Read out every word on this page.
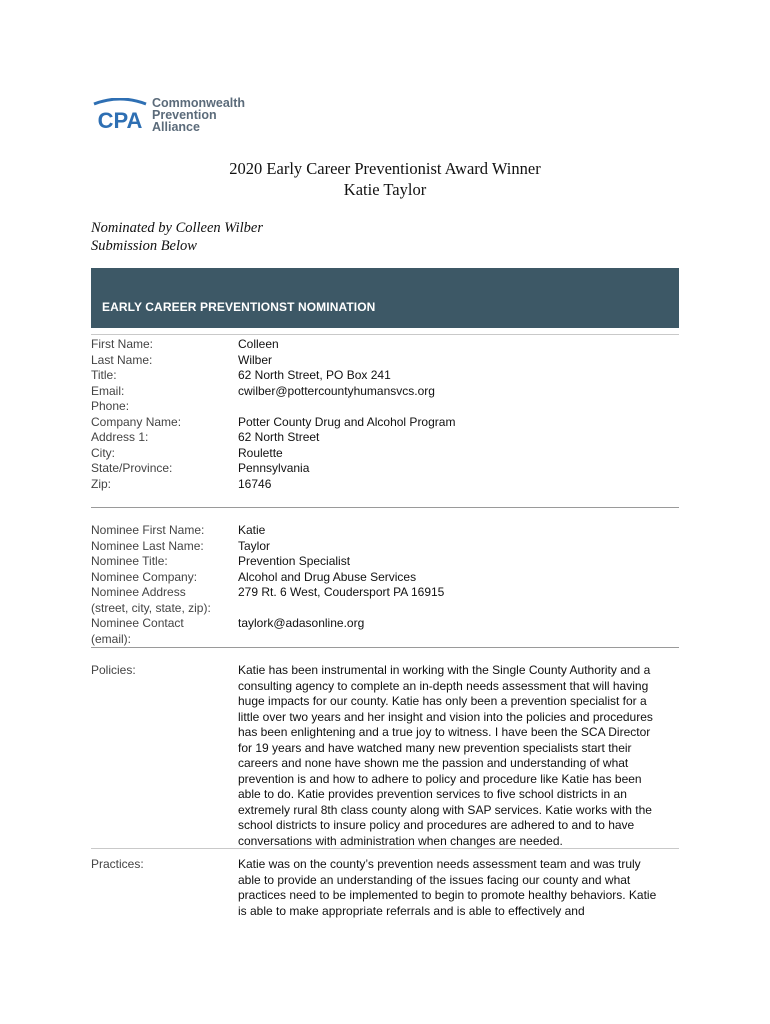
CPA
Commonwealth
Prevention
Alliance
2020 Early Career Preventionist Award Winner
Katie Taylor
Nominated by Colleen Wilber
Submission Below
EARLY CAREER PREVENTIONST NOMINATION
First Name:	Colleen
Last Name:	Wilber
Title:	62 North Street, PO Box 241
Email:	cwilber@pottercountyhumansvcs.org
Phone:
Company Name:	Potter County Drug and Alcohol Program
Address 1:	62 North Street
City:	Roulette
State/Province:	Pennsylvania
Zip:	16746
Nominee First Name:	Katie
Nominee Last Name:	Taylor
Nominee Title:	Prevention Specialist
Nominee Company:	Alcohol and Drug Abuse Services
Nominee Address	279 Rt. 6 West, Coudersport PA 16915
(street, city, state, zip):
Nominee Contact	taylork@adasonline.org
(email):
Policies:	Katie has been instrumental in working with the Single County Authority and a
consulting agency to complete an in-depth needs assessment that will having
huge impacts for our county. Katie has only been a prevention specialist for a
little over two years and her insight and vision into the policies and procedures
has been enlightening and a true joy to witness. I have been the SCA Director
for 19 years and have watched many new prevention specialists start their
careers and none have shown me the passion and understanding of what
prevention is and how to adhere to policy and procedure like Katie has been
able to do. Katie provides prevention services to five school districts in an
extremely rural 8th class county along with SAP services. Katie works with the
school districts to insure policy and procedures are adhered to and to have
conversations with administration when changes are needed.
Practices:	Katie was on the county’s prevention needs assessment team and was truly
able to provide an understanding of the issues facing our county and what
practices need to be implemented to begin to promote healthy behaviors. Katie
is able to make appropriate referrals and is able to effectively and
